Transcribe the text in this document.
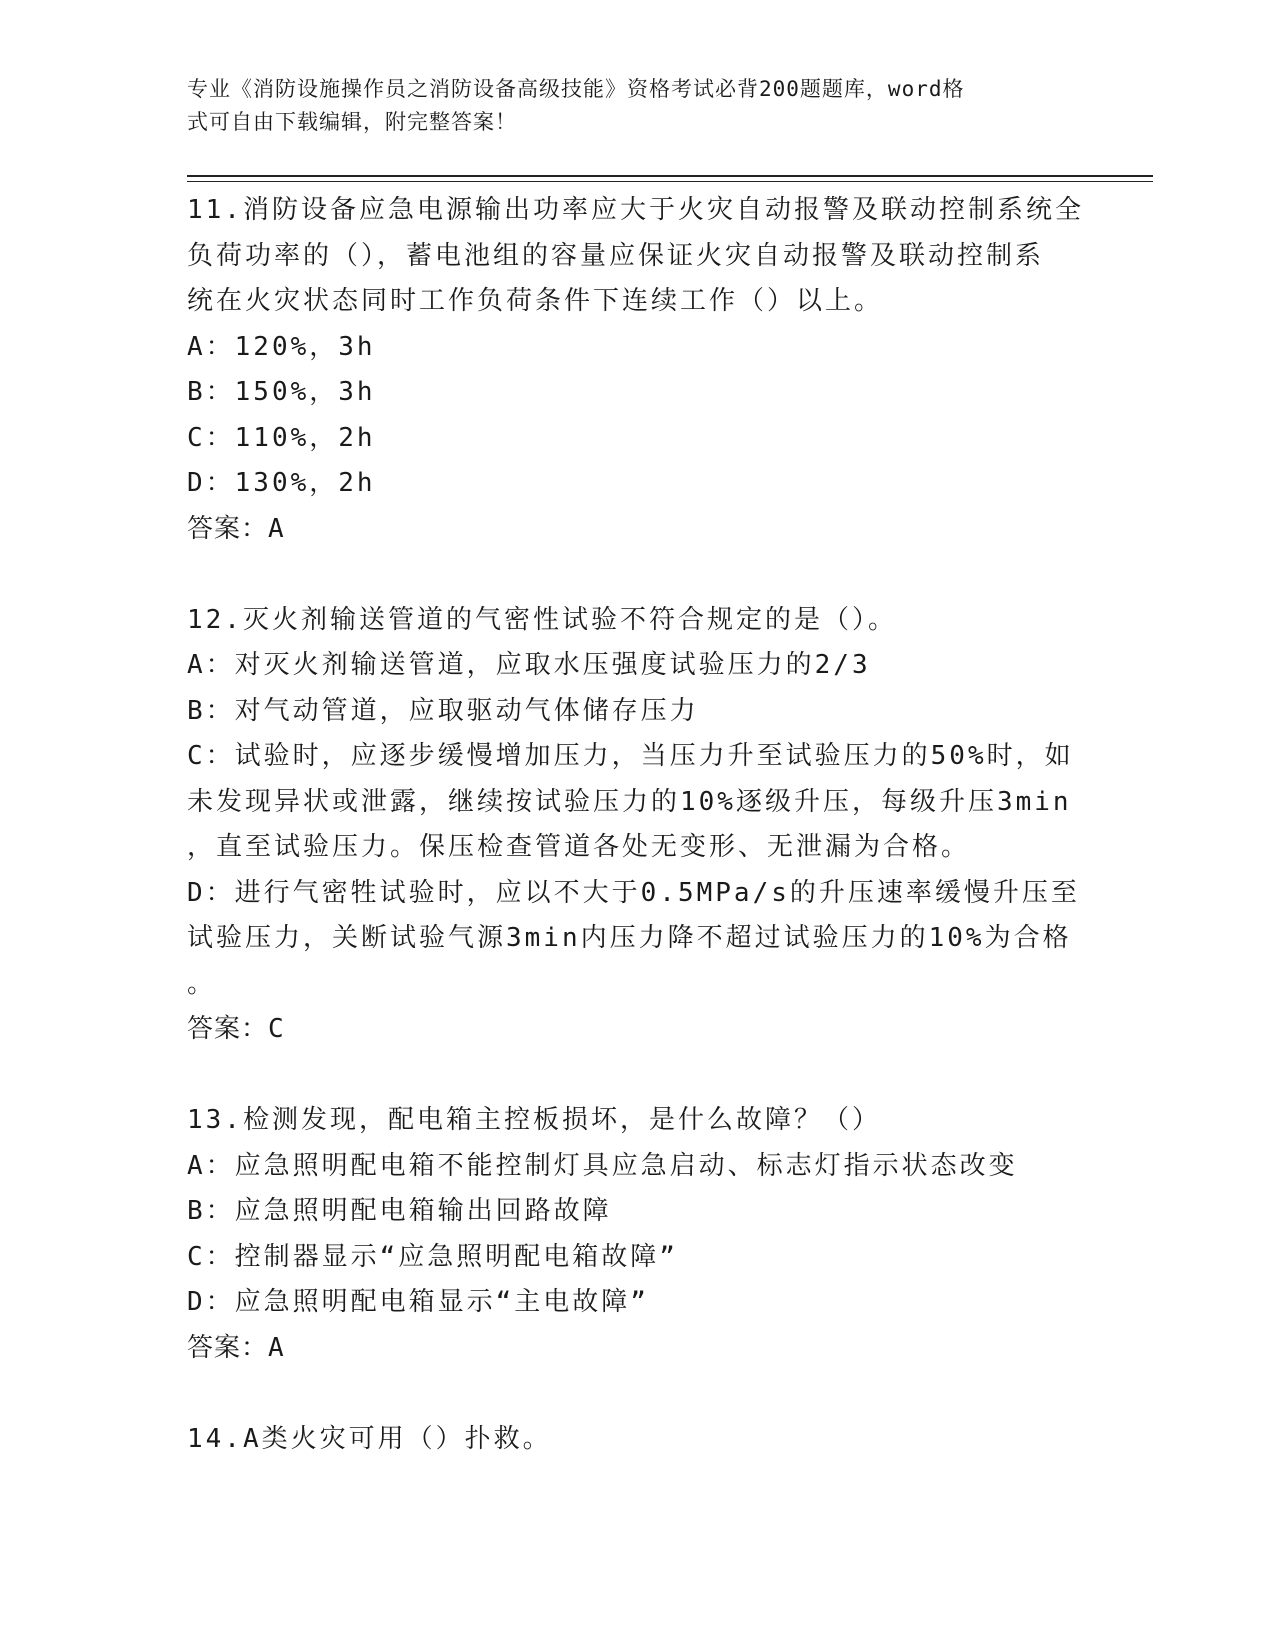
专业《消防设施操作员之消防设备高级技能》资格考试必背200题题库，word格
式可自由下载编辑，附完整答案！
11.消防设备应急电源输出功率应大于火灾自动报警及联动控制系统全
负荷功率的（），蓄电池组的容量应保证火灾自动报警及联动控制系
统在火灾状态同时工作负荷条件下连续工作（）以上。
A：120%，3h
B：150%，3h
C：110%，2h
D：130%，2h
答案：A
12.灭火剂输送管道的气密性试验不符合规定的是（）。
A：对灭火剂输送管道，应取水压强度试验压力的2/3
B：对气动管道，应取驱动气体储存压力
C：试验时，应逐步缓慢增加压力，当压力升至试验压力的50%时，如
未发现异状或泄露，继续按试验压力的10%逐级升压，每级升压3min
，直至试验压力。保压检查管道各处无变形、无泄漏为合格。
D：进行气密牲试验时，应以不大于0.5MPa/s的升压速率缓慢升压至
试验压力，关断试验气源3min内压力降不超过试验压力的10%为合格
。
答案：C
13.检测发现，配电箱主控板损坏，是什么故障？（）
A：应急照明配电箱不能控制灯具应急启动、标志灯指示状态改变
B：应急照明配电箱输出回路故障
C：控制器显示“应急照明配电箱故障”
D：应急照明配电箱显示“主电故障”
答案：A
14.A类火灾可用（）扑救。
